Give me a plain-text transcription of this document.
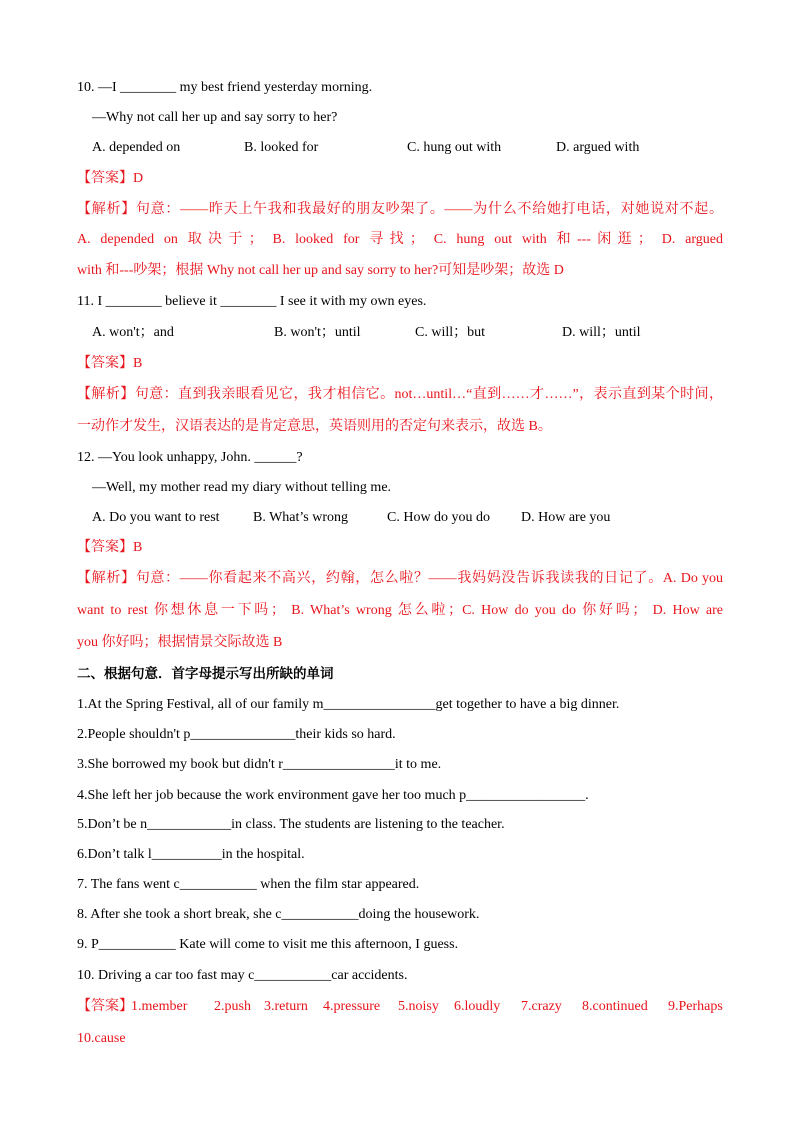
10. —I ________ my best friend yesterday morning.
—Why not call her up and say sorry to her?
A. depended on	B. looked for	C. hung out with	D. argued with
【答案】D
【解析】句意：——昨天上午我和我最好的朋友吵架了。——为什么不给她打电话，对她说对不起。
A. depended on 取决于； B. looked for 寻找； C. hung out with 和---闲逛； D. argued
with 和---吵架；根据 Why not call her up and say sorry to her?可知是吵架；故选 D
11. I ________ believe it ________ I see it with my own eyes.
A. won't；and	B. won't；until	C. will；but	D. will；until
【答案】B
【解析】句意：直到我亲眼看见它，我才相信它。not…until…“直到……才……”，表示直到某个时间，
一动作才发生，汉语表达的是肯定意思，英语则用的否定句来表示，故选 B。
12. —You look unhappy, John. ______?
—Well, my mother read my diary without telling me.
A. Do you want to rest B. What’s wrong	C. How do you do D. How are you
【答案】B
【解析】句意：——你看起来不高兴，约翰，怎么啦？——我妈妈没告诉我读我的日记了。A. Do you
want to rest 你想休息一下吗； B. What’s wrong 怎么啦；C. How do you do 你好吗； D. How are
you 你好吗；根据情景交际故选 B
二、根据句意．首字母提示写出所缺的单词
1.At the Spring Festival, all of our family m________________get together to have a big dinner.
2.People shouldn't p_______________their kids so hard.
3.She borrowed my book but didn't r________________it to me.
4.She left her job because the work environment gave her too much p_________________.
5.Don’t be n____________in class. The students are listening to the teacher.
6.Don’t talk l__________in the hospital.
7. The fans went c___________ when the film star appeared.
8. After she took a short break, she c___________doing the housework.
9. P___________ Kate will come to visit me this afternoon, I guess.
10. Driving a car too fast may c___________car accidents.
【答案】
1.member 2.push 3.return 4.pressure 5.noisy 6.loudly 7.crazy 8.continued 9.Perhaps
10.cause
